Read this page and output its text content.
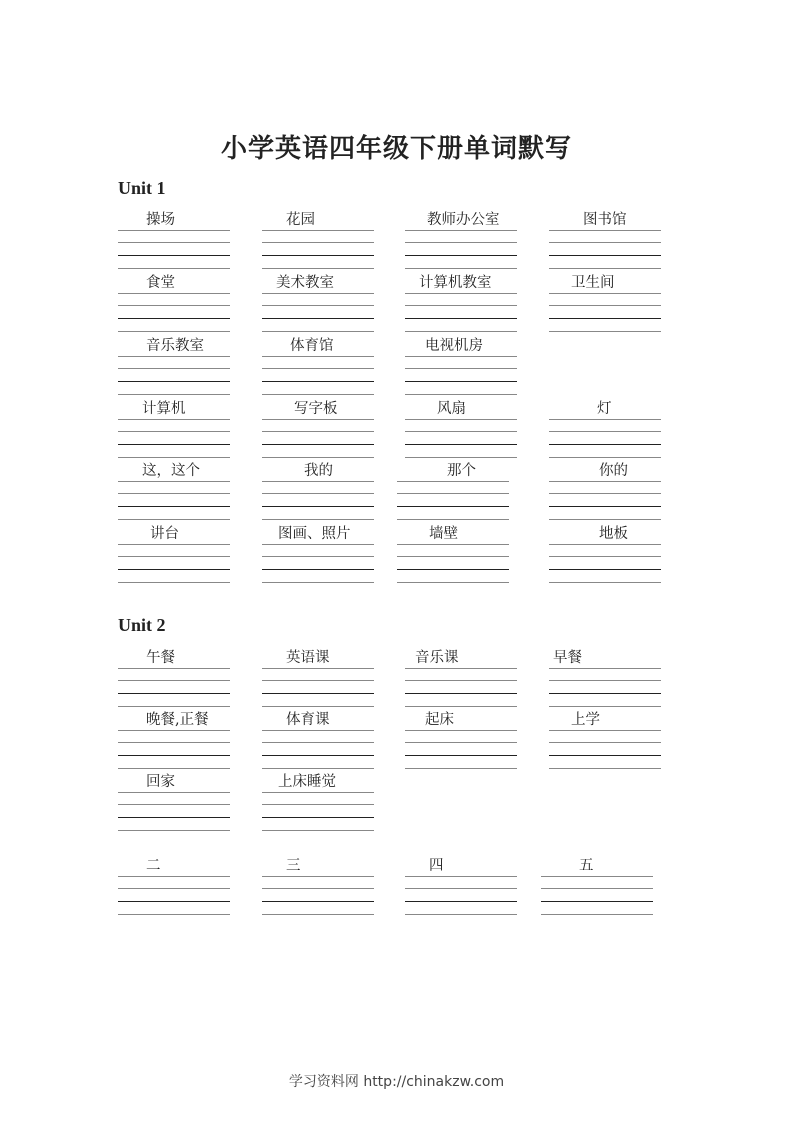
小学英语四年级下册单词默写
Unit 1
操场	花园	教师办公室	图书馆
食堂	美术教室	计算机教室	卫生间
音乐教室	体育馆	电视机房
计算机	写字板	风扇	灯
这，这个	我的	那个	你的
讲台	图画、照片	墙壁	地板
Unit 2
午餐	英语课	音乐课	早餐
晚餐,正餐	体育课	起床	上学
回家	上床睡觉
二	三	四	五
学习资料网 http://chinakzw.com
